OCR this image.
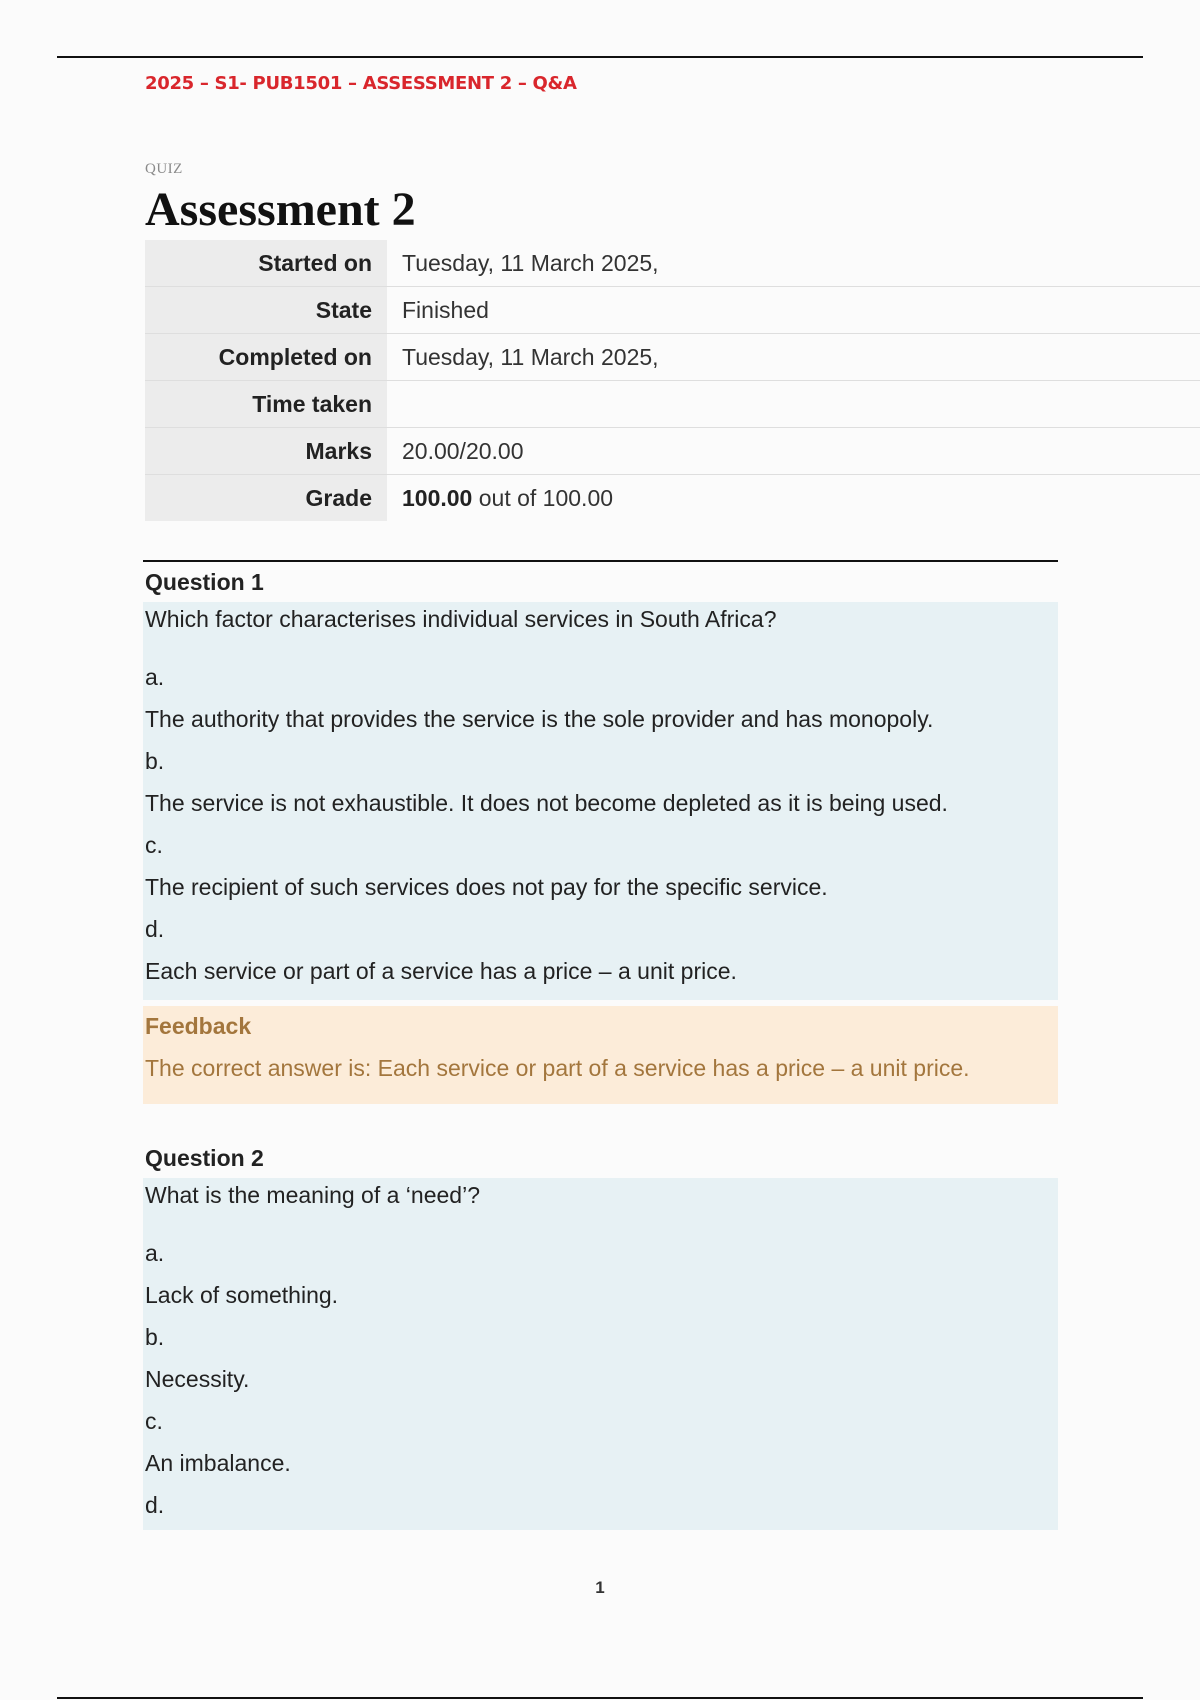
2025 – S1- PUB1501 – ASSESSMENT 2 – Q&A
QUIZ
Assessment 2
Started on	Tuesday, 11 March 2025,
State	Finished
Completed on	Tuesday, 11 March 2025,
Time taken	
Marks	20.00/20.00
Grade	100.00 out of 100.00
Question 1
Which factor characterises individual services in South Africa?
a.
The authority that provides the service is the sole provider and has monopoly.
b.
The service is not exhaustible. It does not become depleted as it is being used.
c.
The recipient of such services does not pay for the specific service.
d.
Each service or part of a service has a price – a unit price.
Feedback
The correct answer is: Each service or part of a service has a price – a unit price.
Question 2
What is the meaning of a ‘need’?
a.
Lack of something.
b.
Necessity.
c.
An imbalance.
d.
1
